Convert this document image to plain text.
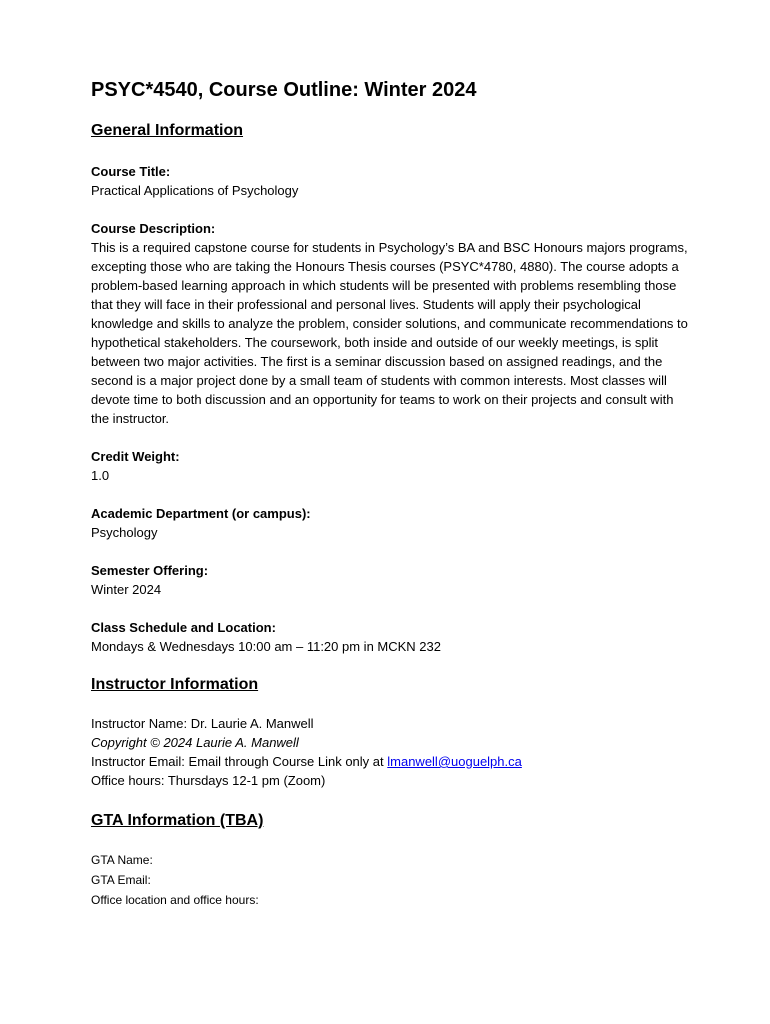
PSYC*4540, Course Outline: Winter 2024
General Information
Course Title:
Practical Applications of Psychology
Course Description:
This is a required capstone course for students in Psychology’s BA and BSC Honours majors programs, excepting those who are taking the Honours Thesis courses (PSYC*4780, 4880). The course adopts a problem-based learning approach in which students will be presented with problems resembling those that they will face in their professional and personal lives. Students will apply their psychological knowledge and skills to analyze the problem, consider solutions, and communicate recommendations to hypothetical stakeholders. The coursework, both inside and outside of our weekly meetings, is split between two major activities. The first is a seminar discussion based on assigned readings, and the second is a major project done by a small team of students with common interests. Most classes will devote time to both discussion and an opportunity for teams to work on their projects and consult with the instructor.
Credit Weight:
1.0
Academic Department (or campus):
Psychology
Semester Offering:
Winter 2024
Class Schedule and Location:
Mondays & Wednesdays 10:00 am – 11:20 pm in MCKN 232
Instructor Information
Instructor Name: Dr. Laurie A. Manwell
Copyright © 2024 Laurie A. Manwell
Instructor Email: Email through Course Link only at lmanwell@uoguelph.ca
Office hours: Thursdays 12-1 pm (Zoom)
GTA Information (TBA)
GTA Name:
GTA Email:
Office location and office hours:
